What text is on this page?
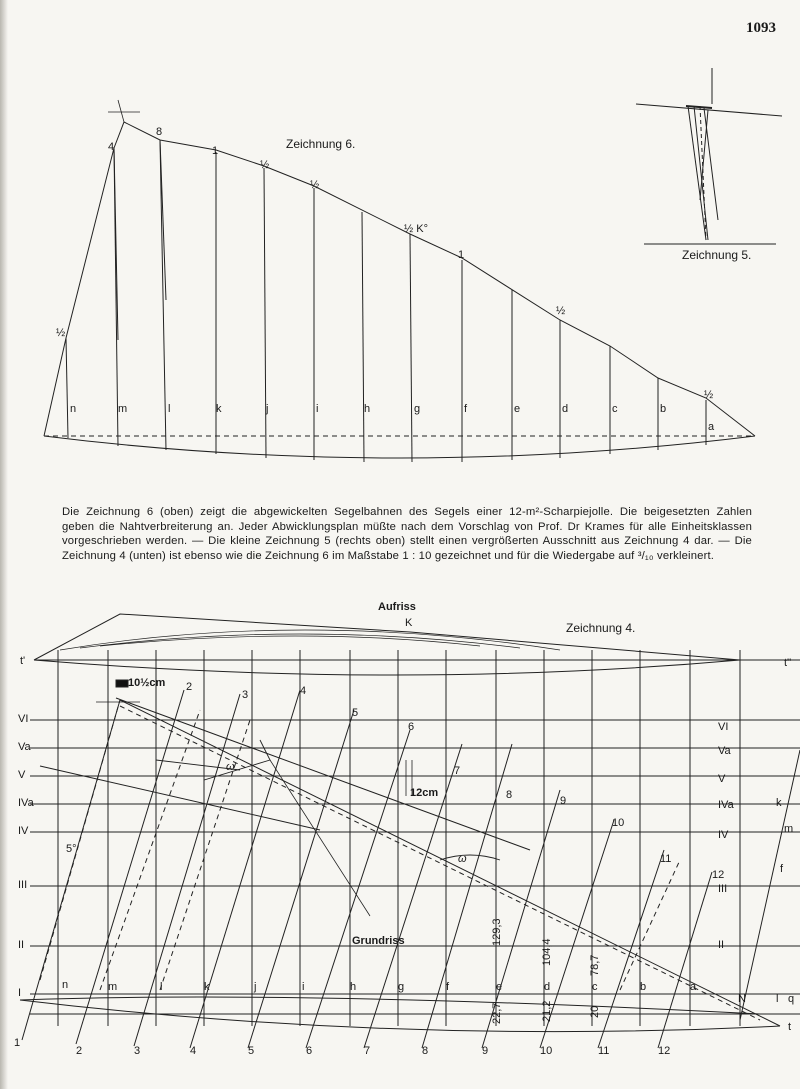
1093
n	m	l	k	j	i	h	g	f	e	d	c	b
a
4
8
1
½
½
½ K°
1
½
½
½
Zeichnung 6.
Zeichnung 5.
Die Zeichnung 6 (oben) zeigt die abgewickelten Segelbahnen des Segels einer 12-m²-Scharpiejolle. Die beigesetzten Zahlen
geben die Nahtverbreiterung an. Jeder Abwicklungsplan müßte nach dem Vorschlag von Prof. Dr Krames für alle Einheitsklassen
vorgeschrieben werden. — Die kleine Zeichnung 5 (rechts oben) stellt einen vergrößerten Ausschnitt aus Zeichnung 4 dar. — Die
Zeichnung 4 (unten) ist ebenso wie die Zeichnung 6 im Maßstabe 1 : 10 gezeichnet und für die Wiedergabe auf ³/₁₀ verkleinert.
Aufriss
K	Zeichnung 4.
t'	t''
10½cm
12cm
5°
Grundriss
VI
Va
V
IVa
IV
III
II
I
VI
Va
V
IVa
IV
III
II
2
3	4
5
6
7
8	9
10
11
12
n	m	l	k	j	i	h	g	f	e	d	c	b	a
N	l q
t
k
m
f
129,3
104,4	78,7
22,7	21,2	20
1
2	3	4	5	6	7	8	9	10	11	12
ω
ω
